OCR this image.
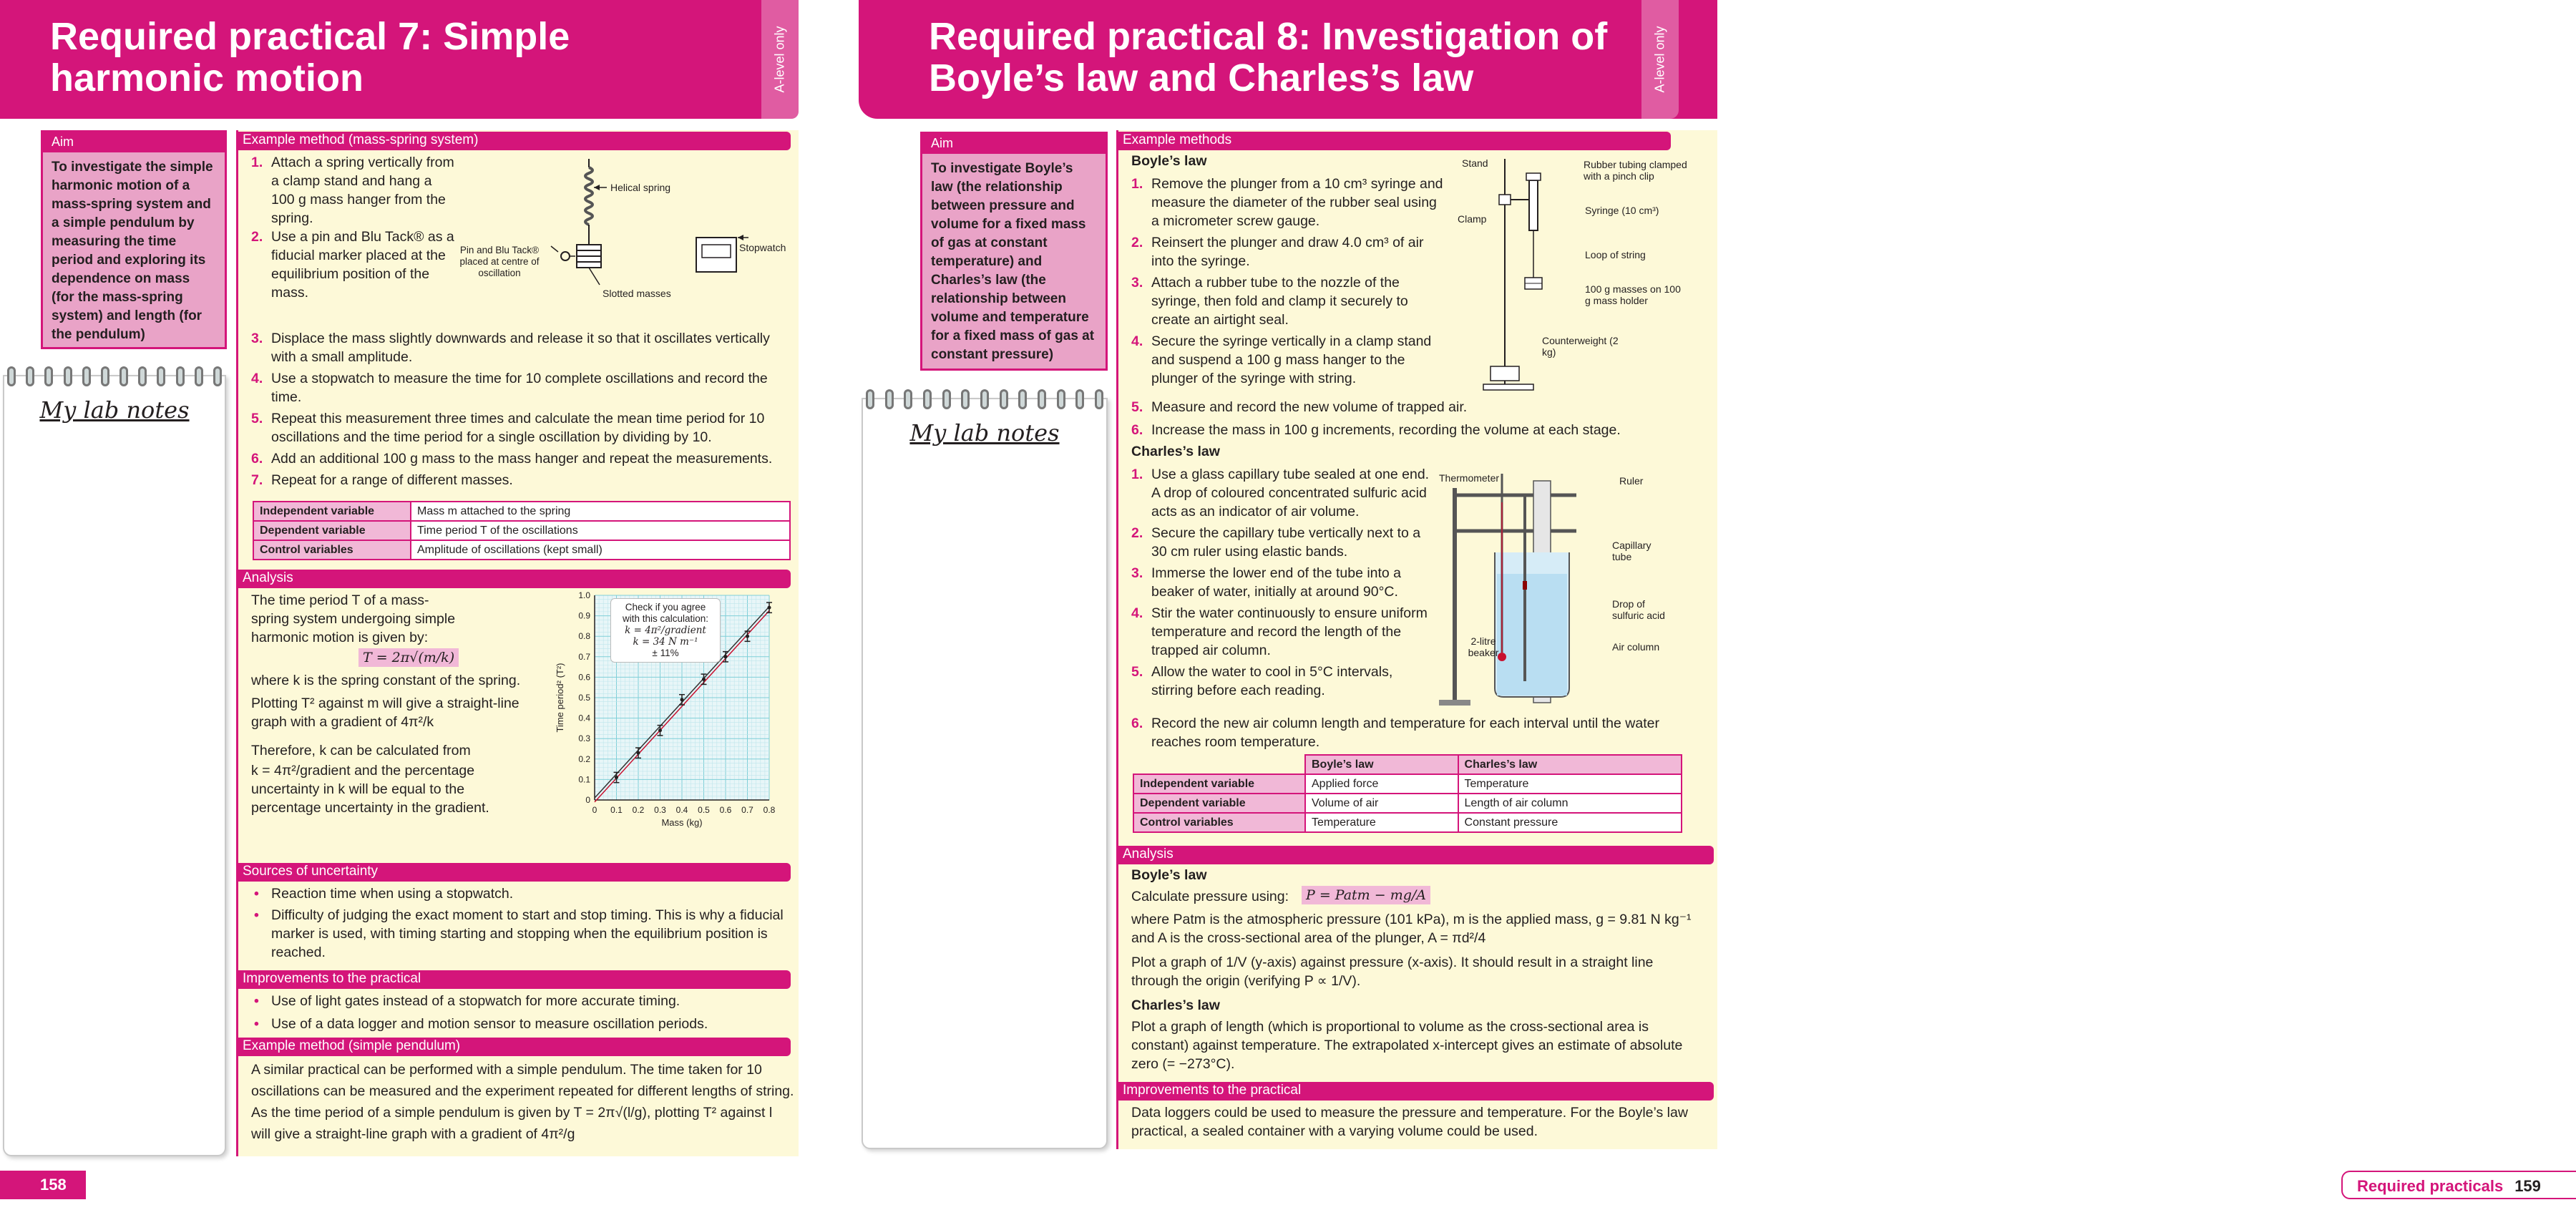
Required practical 7: Simple harmonic motion	A-level only
Aim
To investigate the simple harmonic motion of a mass-spring system and a simple pendulum by measuring the time period and exploring its dependence on mass (for the mass-spring system) and length (for the pendulum)
My lab notes
Example method (mass-spring system)
1. Attach a spring vertically from a clamp stand and hang a 100 g mass hanger from the spring.
2. Use a pin and Blu Tack® as a fiducial marker placed at the equilibrium position of the mass.
Helical spring
Pin and Blu Tack® placed at centre of oscillation
Stopwatch
Slotted masses
3. Displace the mass slightly downwards and release it so that it oscillates vertically with a small amplitude.
4. Use a stopwatch to measure the time for 10 complete oscillations and record the time.
5. Repeat this measurement three times and calculate the mean time period for 10 oscillations and the time period for a single oscillation by dividing by 10.
6. Add an additional 100 g mass to the mass hanger and repeat the measurements.
7. Repeat for a range of different masses.
Independent variable	Mass m attached to the spring
Dependent variable	Time period T of the oscillations
Control variables	Amplitude of oscillations (kept small)
Analysis
The time period T of a mass-spring system undergoing simple harmonic motion is given by:
T = 2π√(m/k)
where k is the spring constant of the spring.
Plotting T² against m will give a straight-line graph with a gradient of 4π²/k
Therefore, k can be calculated from
k = 4π²/gradient and the percentage uncertainty in k will be equal to the percentage uncertainty in the gradient.	0 0.1 0.2 0.3 0.4 0.5 0.6 0.7 0.8
0
0.1
0.2
0.3
0.4
0.5
0.6
0.7
0.8
0.9
1.0
Mass (kg)
Time period² (T²)
Check if you agree
with this calculation:
k = 4π²/gradient
k = 34 N m⁻¹
± 11%
Sources of uncertainty
• Reaction time when using a stopwatch.
• Difficulty of judging the exact moment to start and stop timing. This is why a fiducial marker is used, with timing starting and stopping when the equilibrium position is reached.
Improvements to the practical
• Use of light gates instead of a stopwatch for more accurate timing.
• Use of a data logger and motion sensor to measure oscillation periods.
Example method (simple pendulum)
A similar practical can be performed with a simple pendulum. The time taken for 10 oscillations can be measured and the experiment repeated for different lengths of string. As the time period of a simple pendulum is given by T = 2π√(l/g), plotting T² against l will give a straight-line graph with a gradient of 4π²/g
158
Required practical 8: Investigation of Boyle’s law and Charles’s law	A-level only
Aim
To investigate Boyle’s law (the relationship between pressure and volume for a fixed mass of gas at constant temperature) and Charles’s law (the relationship between volume and temperature for a fixed mass of gas at constant pressure)
My lab notes
Example methods
Boyle’s law
1. Remove the plunger from a 10 cm³ syringe and measure the diameter of the rubber seal using a micrometer screw gauge.
2. Reinsert the plunger and draw 4.0 cm³ of air into the syringe.
3. Attach a rubber tube to the nozzle of the syringe, then fold and clamp it securely to create an airtight seal.
4. Secure the syringe vertically in a clamp stand and suspend a 100 g mass hanger to the plunger of the syringe with string.
5. Measure and record the new volume of trapped air.
6. Increase the mass in 100 g increments, recording the volume at each stage.
Stand	Rubber tubing clamped with a pinch clip
Clamp
Syringe (10 cm³)
Loop of string
100 g masses on 100 g mass holder
Counterweight (2 kg)
Charles’s law
1. Use a glass capillary tube sealed at one end. A drop of coloured concentrated sulfuric acid acts as an indicator of air volume.
2. Secure the capillary tube vertically next to a 30 cm ruler using elastic bands.
3. Immerse the lower end of the tube into a beaker of water, initially at around 90°C.
4. Stir the water continuously to ensure uniform temperature and record the length of the trapped air column.
5. Allow the water to cool in 5°C intervals, stirring before each reading.
6. Record the new air column length and temperature for each interval until the water reaches room temperature.
Thermometer	Ruler
Capillary tube
Drop of sulfuric acid
Air column
2-litre beaker
	Boyle’s law	Charles’s law
Independent variable	Applied force	Temperature
Dependent variable	Volume of air	Length of air column
Control variables	Temperature	Constant pressure
Analysis
Boyle’s law
Calculate pressure using:	P = Patm − mg/A
where Patm is the atmospheric pressure (101 kPa), m is the applied mass, g = 9.81 N kg⁻¹ and A is the cross-sectional area of the plunger, A = πd²/4
Plot a graph of 1/V (y-axis) against pressure (x-axis). It should result in a straight line through the origin (verifying P ∝ 1/V).
Charles’s law
Plot a graph of length (which is proportional to volume as the cross-sectional area is constant) against temperature. The extrapolated x-intercept gives an estimate of absolute zero (= −273°C).
Improvements to the practical
Data loggers could be used to measure the pressure and temperature. For the Boyle’s law practical, a sealed container with a varying volume could be used.
Required practicals 159
